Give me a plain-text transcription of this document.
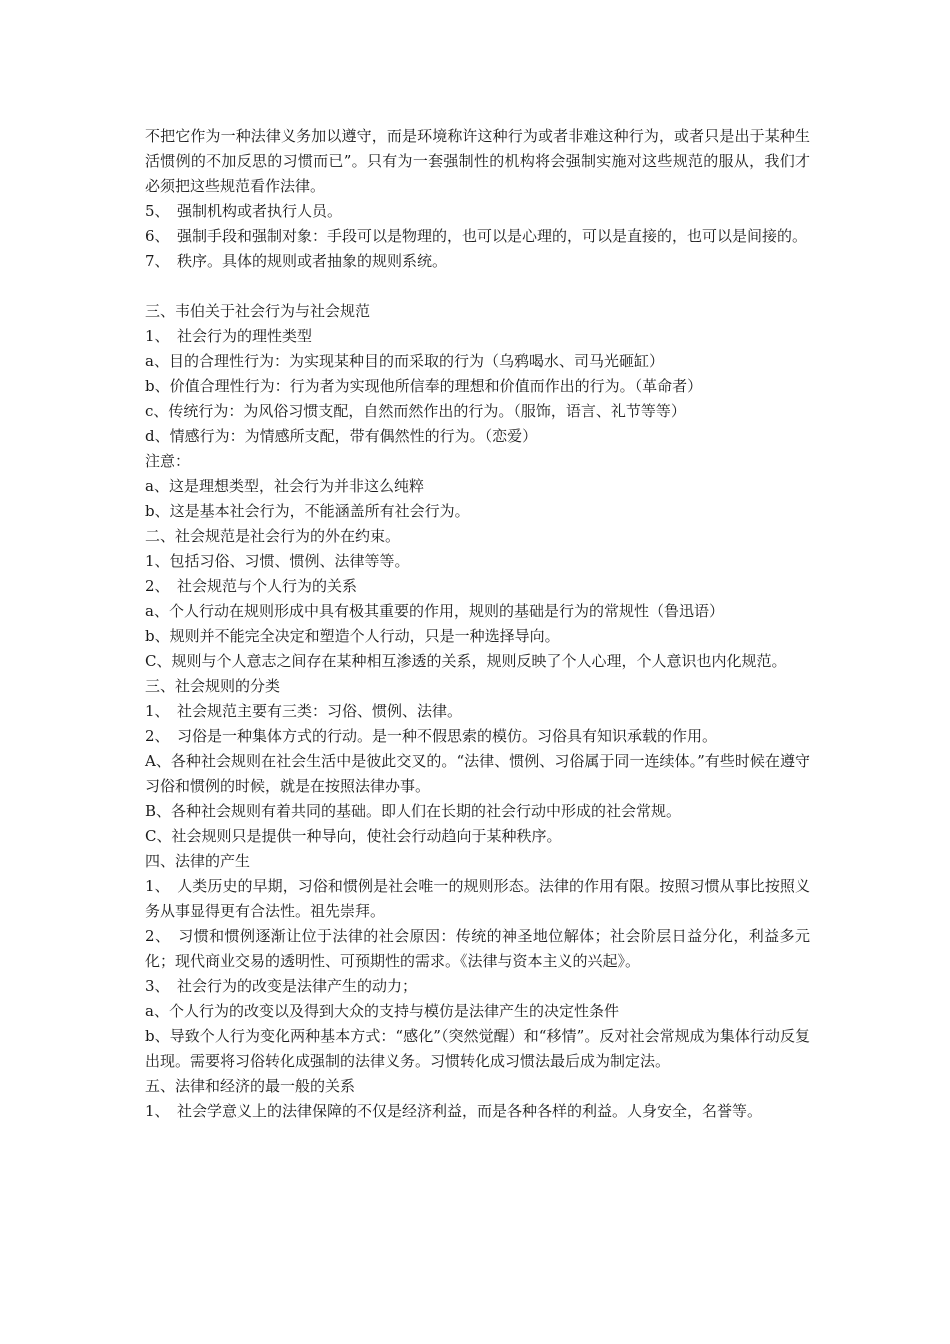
不把它作为一种法律义务加以遵守，而是环境称许这种行为或者非难这种行为，或者只是出于某种生活惯例的不加反思的习惯而已”。只有为一套强制性的机构将会强制实施对这些规范的服从，我们才必须把这些规范看作法律。

5、　强制机构或者执行人员。

6、　强制手段和强制对象：手段可以是物理的，也可以是心理的，可以是直接的，也可以是间接的。

7、　秩序。具体的规则或者抽象的规则系统。

三、韦伯关于社会行为与社会规范

1、　社会行为的理性类型

a、目的合理性行为：为实现某种目的而采取的行为（乌鸦喝水、司马光砸缸）

b、价值合理性行为：行为者为实现他所信奉的理想和价值而作出的行为。（革命者）

c、传统行为：为风俗习惯支配，自然而然作出的行为。（服饰，语言、礼节等等）

d、情感行为：为情感所支配，带有偶然性的行为。（恋爱）

注意：

a、这是理想类型，社会行为并非这么纯粹

b、这是基本社会行为，不能涵盖所有社会行为。

二、社会规范是社会行为的外在约束。

1、包括习俗、习惯、惯例、法律等等。

2、　社会规范与个人行为的关系

a、个人行动在规则形成中具有极其重要的作用，规则的基础是行为的常规性（鲁迅语）

b、规则并不能完全决定和塑造个人行动，只是一种选择导向。

C、规则与个人意志之间存在某种相互渗透的关系，规则反映了个人心理，个人意识也内化规范。

三、社会规则的分类

1、　社会规范主要有三类：习俗、惯例、法律。

2、　习俗是一种集体方式的行动。是一种不假思索的模仿。习俗具有知识承载的作用。

A、各种社会规则在社会生活中是彼此交叉的。“法律、惯例、习俗属于同一连续体。”有些时候在遵守习俗和惯例的时候，就是在按照法律办事。

B、各种社会规则有着共同的基础。即人们在长期的社会行动中形成的社会常规。

C、社会规则只是提供一种导向，使社会行动趋向于某种秩序。

四、法律的产生

1、　人类历史的早期，习俗和惯例是社会唯一的规则形态。法律的作用有限。按照习惯从事比按照义务从事显得更有合法性。祖先崇拜。

2、　习惯和惯例逐渐让位于法律的社会原因：传统的神圣地位解体；社会阶层日益分化，利益多元化；现代商业交易的透明性、可预期性的需求。《法律与资本主义的兴起》。

3、　社会行为的改变是法律产生的动力；

a、个人行为的改变以及得到大众的支持与模仿是法律产生的决定性条件

b、导致个人行为变化两种基本方式：“感化”（突然觉醒）和“移情”。反对社会常规成为集体行动反复出现。需要将习俗转化成强制的法律义务。习惯转化成习惯法最后成为制定法。

五、法律和经济的最一般的关系

1、　社会学意义上的法律保障的不仅是经济利益，而是各种各样的利益。人身安全，名誉等。
